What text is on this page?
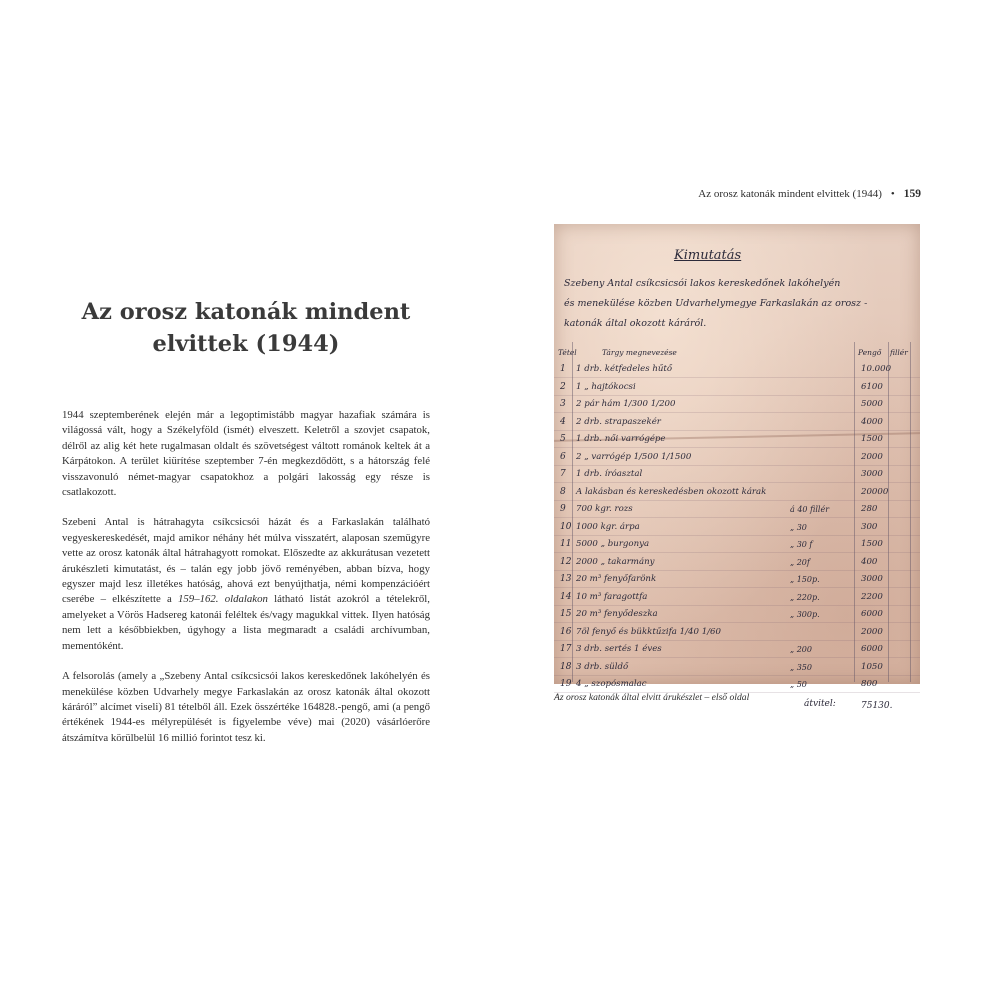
Az orosz katonák mindent
elvittek (1944)

1944 szeptemberének elején már a legoptimistább magyar hazafiak számára is világossá vált, hogy a Székelyföld (ismét) elveszett. Keletről a szovjet csapatok, délről az alig két hete rugalmasan oldalt és szövetségest váltott románok keltek át a Kárpátokon. A terület kiürítése szeptember 7-én megkezdődött, s a hátország felé visszavonuló német-magyar csapatokhoz a polgári lakosság egy része is csatlakozott.

Szebeni Antal is hátrahagyta csíkcsicsói házát és a Farkaslakán található vegyeskereskedését, majd amikor néhány hét múlva visszatért, alaposan szemügyre vette az orosz katonák által hátrahagyott romokat. Előszedte az akkurátusan vezetett árukészleti kimutatást, és – talán egy jobb jövő reményében, abban bízva, hogy egyszer majd lesz illetékes hatóság, ahová ezt benyújthatja, némi kompenzációért cserébe – elkészítette a 159–162. oldalakon látható listát azokról a tételekről, amelyeket a Vörös Hadsereg katonái feléltek és/vagy magukkal vittek. Ilyen hatóság nem lett a későbbiekben, úgyhogy a lista megmaradt a családi archívumban, mementóként.

A felsorolás (amely a „Szebeny Antal csíkcsicsói lakos kereskedőnek lakóhelyén és menekülése közben Udvarhely megye Farkaslakán az orosz katonák által okozott káráról” alcímet viseli) 81 tételből áll. Ezek összértéke 164828.-pengő, ami (a pengő értékének 1944-es mélyrepülését is figyelembe véve) mai (2020) vásárlóerőre átszámítva körülbelül 16 millió forintot tesz ki.

Az orosz katonák mindent elvittek (1944) • 159
Kimutatás
Szebeny Antal csíkcsicsói lakos kereskedőnek lakóhelyén
és menekülése közben Udvarhelymegye Farkaslakán az orosz -
katonák által okozott káráról.
Tétel	Tárgy megnevezése	Pengő fillér
1 1 drb. kétfedeles hűtő	10.000
2 1 „ hajtókocsi	6100
3 2 pár hám 1/300 1/200	5000
4 2 drb. strapaszekér	4000
5 1 drb. női varrógépe	1500
6 2 „ varrógép 1/500 1/1500	2000
7 1 drb. íróasztal	3000
8 A lakásban és kereskedésben okozott kárak	20000
9 700 kgr. rozs	á 40 fillér	280
10 1000 kgr. árpa	„ 30	300
11 5000 „ burgonya	„ 30 f	1500
12 2000 „ takarmány	„ 20f	400
13 20 m³ fenyőfarönk	„ 150p.	3000
14 10 m³ faragottfa	„ 220p.	2200
15 20 m³ fenyődeszka	„ 300p.	6000
16 7öl fenyő és bükktűzifa 1/40 1/60	2000
17 3 drb. sertés 1 éves	„ 200	6000
18 3 drb. süldő	„ 350	1050
19 4 „ szopósmalac	„ 50	800
átvitel:	75130.
Az orosz katonák által elvitt árukészlet – első oldal
